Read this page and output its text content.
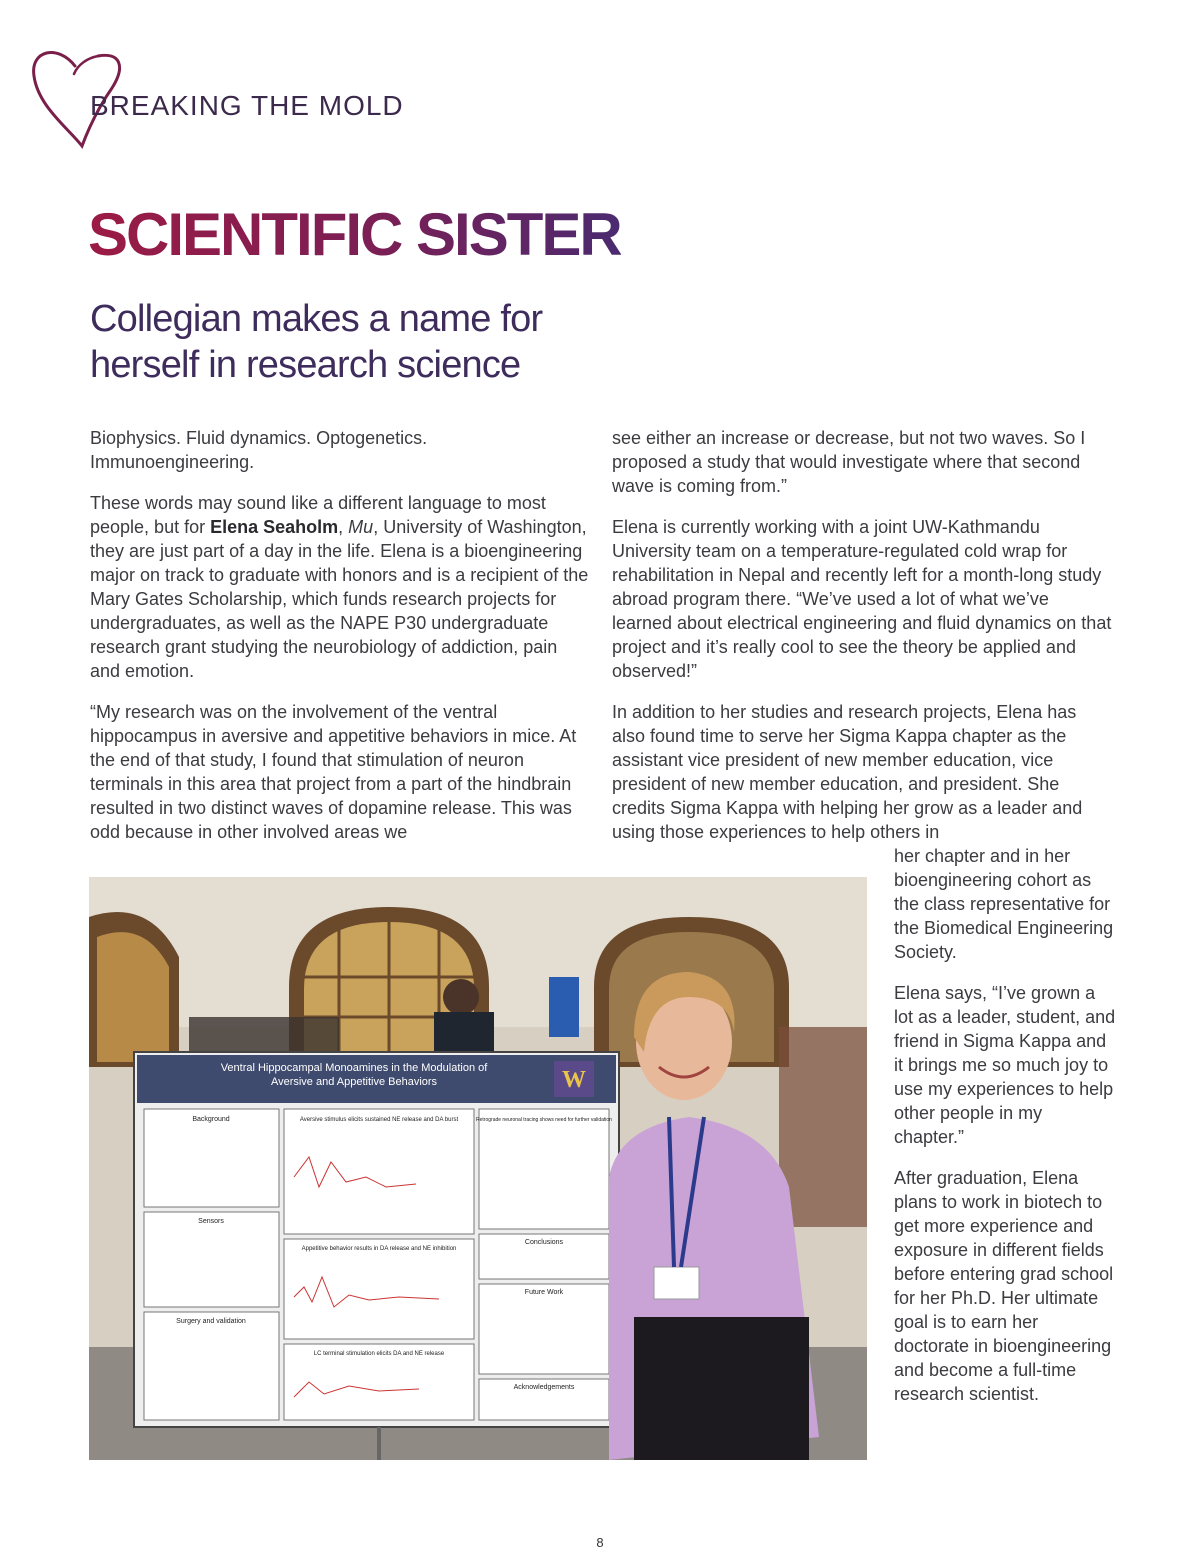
BREAKING THE MOLD
SCIENTIFIC SISTER
Collegian makes a name for herself in research science

Biophysics. Fluid dynamics. Optogenetics. Immunoengineering.

These words may sound like a different language to most people, but for Elena Seaholm, Mu, University of Washington, they are just part of a day in the life. Elena is a bioengineering major on track to graduate with honors and is a recipient of the Mary Gates Scholarship, which funds research projects for undergraduates, as well as the NAPE P30 undergraduate research grant studying the neurobiology of addiction, pain and emotion.

“My research was on the involvement of the ventral hippocampus in aversive and appetitive behaviors in mice. At the end of that study, I found that stimulation of neuron terminals in this area that project from a part of the hindbrain resulted in two distinct waves of dopamine release. This was odd because in other involved areas we

see either an increase or decrease, but not two waves. So I proposed a study that would investigate where that second wave is coming from.”

Elena is currently working with a joint UW-Kathmandu University team on a temperature-regulated cold wrap for rehabilitation in Nepal and recently left for a month-long study abroad program there. “We’ve used a lot of what we’ve learned about electrical engineering and fluid dynamics on that project and it’s really cool to see the theory be applied and observed!”

In addition to her studies and research projects, Elena has also found time to serve her Sigma Kappa chapter as the assistant vice president of new member education, vice president of new member education, and president. She credits Sigma Kappa with helping her grow as a leader and using those experiences to help others in

her chapter and in her bioengineering cohort as the class representative for the Biomedical Engineering Society.

Elena says, “I’ve grown a lot as a leader, student, and friend in Sigma Kappa and it brings me so much joy to use my experiences to help other people in my chapter.”

After graduation, Elena plans to work in biotech to get more experience and exposure in different fields before entering grad school for her Ph.D. Her ultimate goal is to earn her doctorate in bioengineering and become a full-time research scientist.

Ventral Hippocampal Monoamines in the Modulation of
Aversive and Appetitive Behaviors	W
Background
Sensors
Surgery and validation
Aversive stimulus elicits sustained NE release and DA burst
Appetitive behavior results in DA release and NE inhibition
LC terminal stimulation elicits DA and NE release
Retrograde neuronal tracing shows need for further validation
Conclusions
Future Work
Acknowledgements
8
